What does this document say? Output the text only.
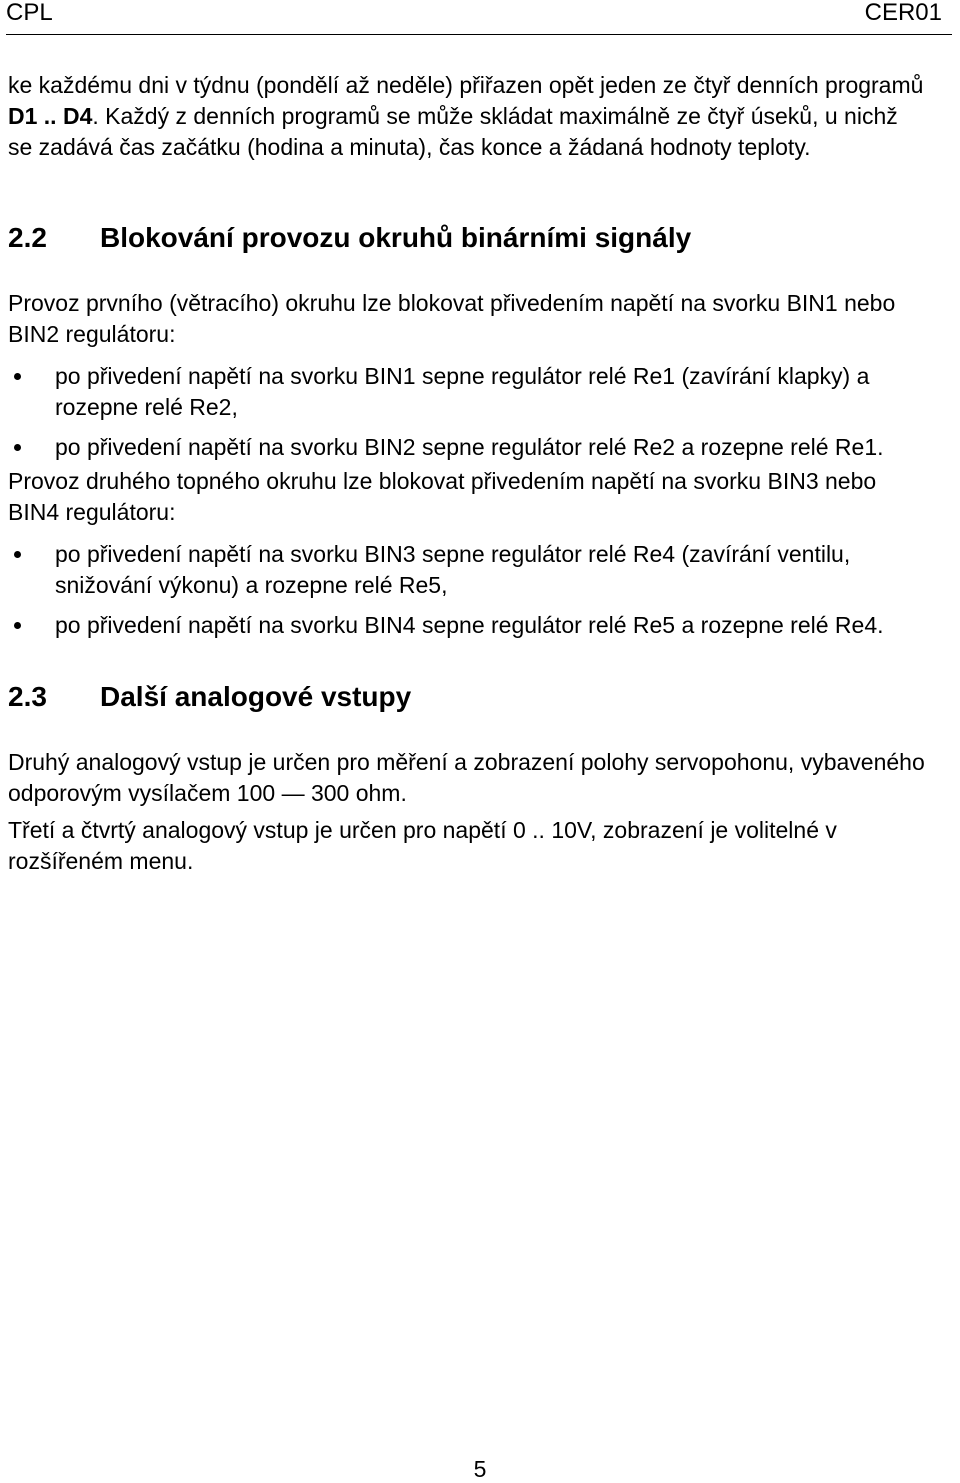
CPL	CER01

ke každému dni v týdnu (pondělí až neděle) přiřazen opět jeden ze čtyř denních programů D1 .. D4. Každý z denních programů se může skládat maximálně ze čtyř úseků, u nichž se zadává čas začátku (hodina a minuta), čas konce a žádaná hodnoty teploty.

2.2	Blokování provozu okruhů binárními signály

Provoz prvního (větracího) okruhu lze blokovat přivedením napětí na svorku BIN1 nebo BIN2 regulátoru:

po přivedení napětí na svorku BIN1 sepne regulátor relé Re1 (zavírání klapky) a rozepne relé Re2,
po přivedení napětí na svorku BIN2 sepne regulátor relé Re2 a rozepne relé Re1.

Provoz druhého topného okruhu lze blokovat přivedením napětí na svorku BIN3 nebo BIN4 regulátoru:

po přivedení napětí na svorku BIN3 sepne regulátor relé Re4 (zavírání ventilu, snižování výkonu) a rozepne relé Re5,
po přivedení napětí na svorku BIN4 sepne regulátor relé Re5 a rozepne relé Re4.
2.3	Další analogové vstupy

Druhý analogový vstup je určen pro měření a zobrazení polohy servopohonu, vybaveného odporovým vysílačem 100 — 300 ohm.

Třetí a čtvrtý analogový vstup je určen pro napětí 0 .. 10V, zobrazení je volitelné v rozšířeném menu.

5
